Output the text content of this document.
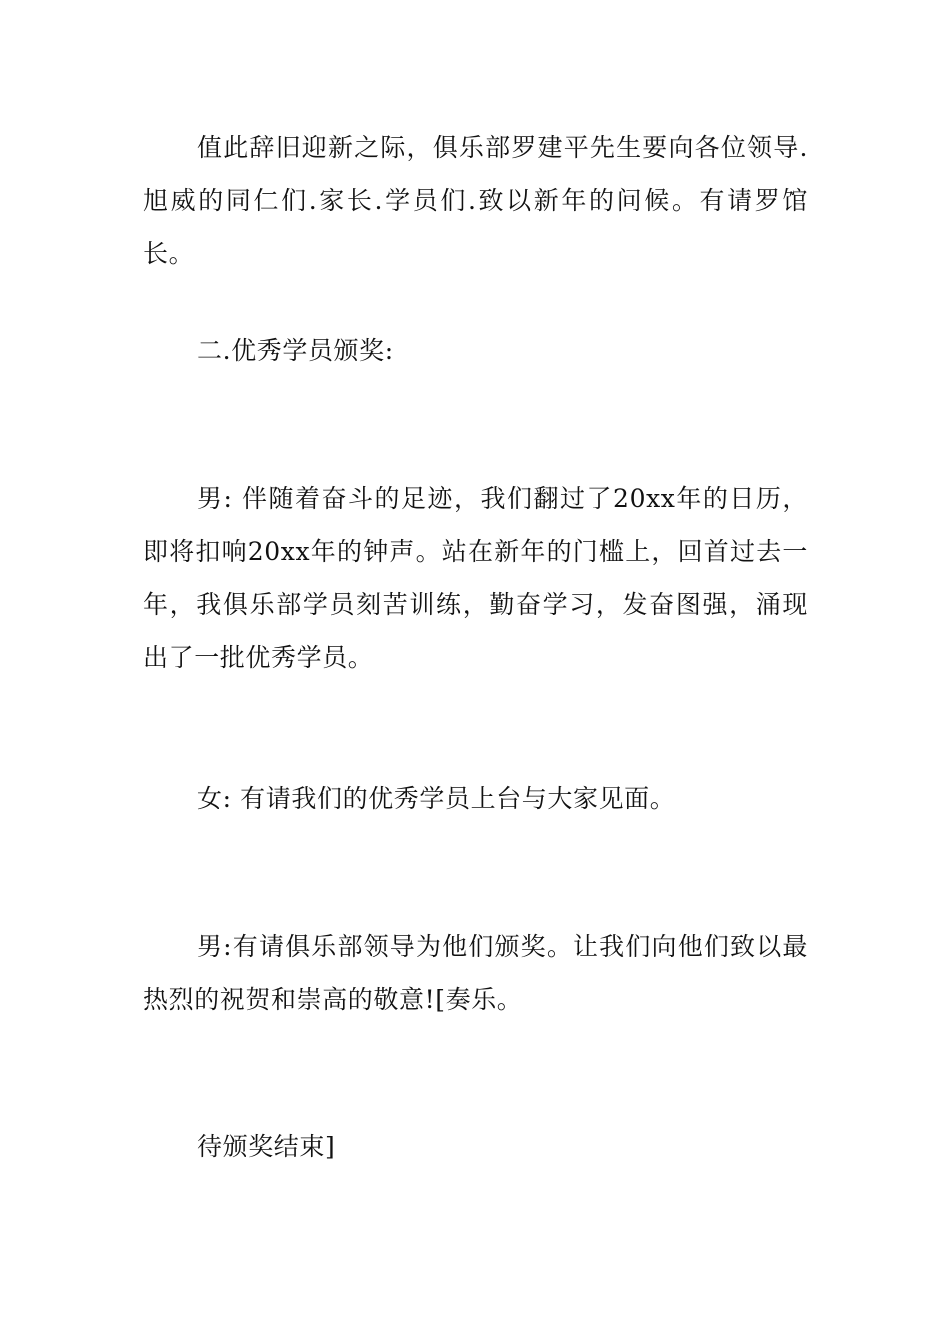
值此辞旧迎新之际，俱乐部罗建平先生要向各位领导.旭威的同仁们.家长.学员们.致以新年的问候。有请罗馆长。

二.优秀学员颁奖:

男: 伴随着奋斗的足迹，我们翻过了20xx年的日历，即将扣响20xx年的钟声。站在新年的门槛上，回首过去一年，我俱乐部学员刻苦训练，勤奋学习，发奋图强，涌现出了一批优秀学员。

女: 有请我们的优秀学员上台与大家见面。

男:有请俱乐部领导为他们颁奖。让我们向他们致以最热烈的祝贺和崇高的敬意![奏乐。

待颁奖结束]
